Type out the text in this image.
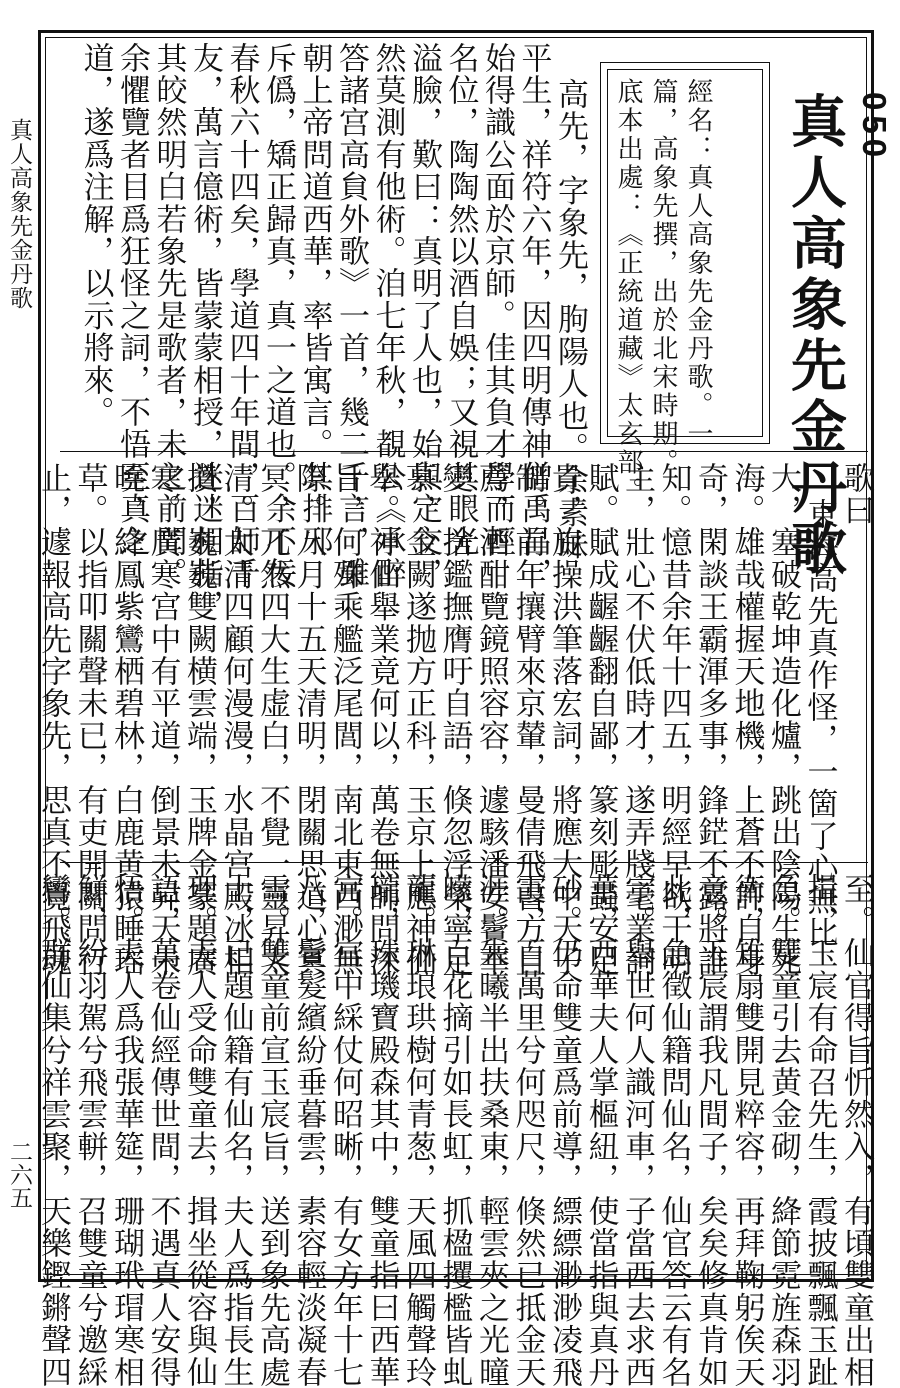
真人高象先金丹歌
二六五
050
真人高象先金丹歌
經名：真人高象先金丹歌。一
篇，高象先撰，出於北宋時期。
底本出處：《正統道藏》太玄部。
高先，字象先，朐陽人也。余素昧
平生，祥符六年，因四明傳神僧禹昌，
始得識公面於京師。佳其負才學而輕
名位，陶陶然以酒自娛；又視其眼光
溢臉，歎曰：真明了人也，始與定交，
然莫測有他術。洎七年秋，覩公《承醉
答諸宫高貟外歌》一首，幾二千言，雖
朝上帝問道西華，率皆寓言。其排邪
斥僞，矯正歸真，真一之道也。余不佞
春秋六十四矣，學道四十年間，百師千
友，萬言億術，皆蒙蒙相授，迷迷相指，
其皎然明白若象先是歌者，未之前聞。
余懼覽者目爲狂怪之詞，不悟至真之
道，遂爲注解，以示將來。
歌曰
東海高先真作怪，一箇了心無比
大，塞破乾坤造化爐，跳出陰陽生死
海。雄哉權握天地機，上蒼不許自身
奇，閑談王霸渾多事，鋒鋩不露將誰
知。憶昔余年十四五，明經早欲干明
主，壯心不伏低時才，遂弄牋毫業詞
賦。賦成齷齷翻自鄙，篆刻彫蟲安足
貴，旋操洪筆落宏詞，將應大中天子
制。前年攘臂來京輦，曼倩飛書方自
薦，酒酣覽鏡照容容，遽駭潘安鬢華
變。捨鑑撫膺吁自語，倏忽浮榮寧足
慕，金闕遂抛方正科，玉京上應神仙
舉。神仙舉業竟何以，萬卷無師問深
旨，何殊乘艦泛尾閭，南北東西渺無
際。八月十五天清明，閉關思道心冥
冥，兀然四大生虚白，不覺一靈昇太
清。太清四顧何漫漫，水晶宫殿冰相
攢，巍巍雙闕横雲端，玉牌金篆題廣
寒。廣寒宫中有平道，倒景未昇天未
曉，絳鳳紫鸞栖碧林，白鹿黄猿睡瑶
草。以指叩關聲未已，有吏開關問行
止，遽報高先字象先，思真不覺飛魂
至。仙官得旨忻然入，有頃雙童出相
揖，玉宸有命召先生，霞披飄飄玉趾
急。雙童引去黄金砌，絳節霓旌森羽
衛，雉扇雙開見粹容，再拜鞠躬俟天
意。玉宸謂我凡間子，矣矣修真肯如
此，急徵仙籍問仙名，仙官答云有名
字。舉世何人識河車，子當西去求西
華，西華夫人掌樞紐，使當指與真丹
砂。仍命雙童爲前導，縹縹渺渺凌飛
霞，百萬里兮何咫尺，倏然已抵金天
涯。朱曦半出扶桑東，輕雲夾之光曈
曚，百花摘引如長虹，抓楹攫檻皆虬
龍。琳琅珙樹何青葱，天風四觸聲玲
瓏，珠璣寶殿森其中，雙童指曰西華
宫。宫中綵仗何昭晰，有女方年十七
八，鬢髮繽紛垂暮雲，素容輕淡凝春
雪。雙童前宣玉宸旨，送到象先高處
士，已題仙籍有仙名，夫人爲指長生
理。夫人受命雙童去，揖坐從容與仙
語，萬卷仙經傳世間，不遇真人安得
悟。夫人爲我張華筵，珊瑚玳瑁寒相
鮮，紛羽駕兮飛雲軿，召雙童兮邀綵
鸞。群仙集兮祥雲聚，天樂鏗鏘聲四
